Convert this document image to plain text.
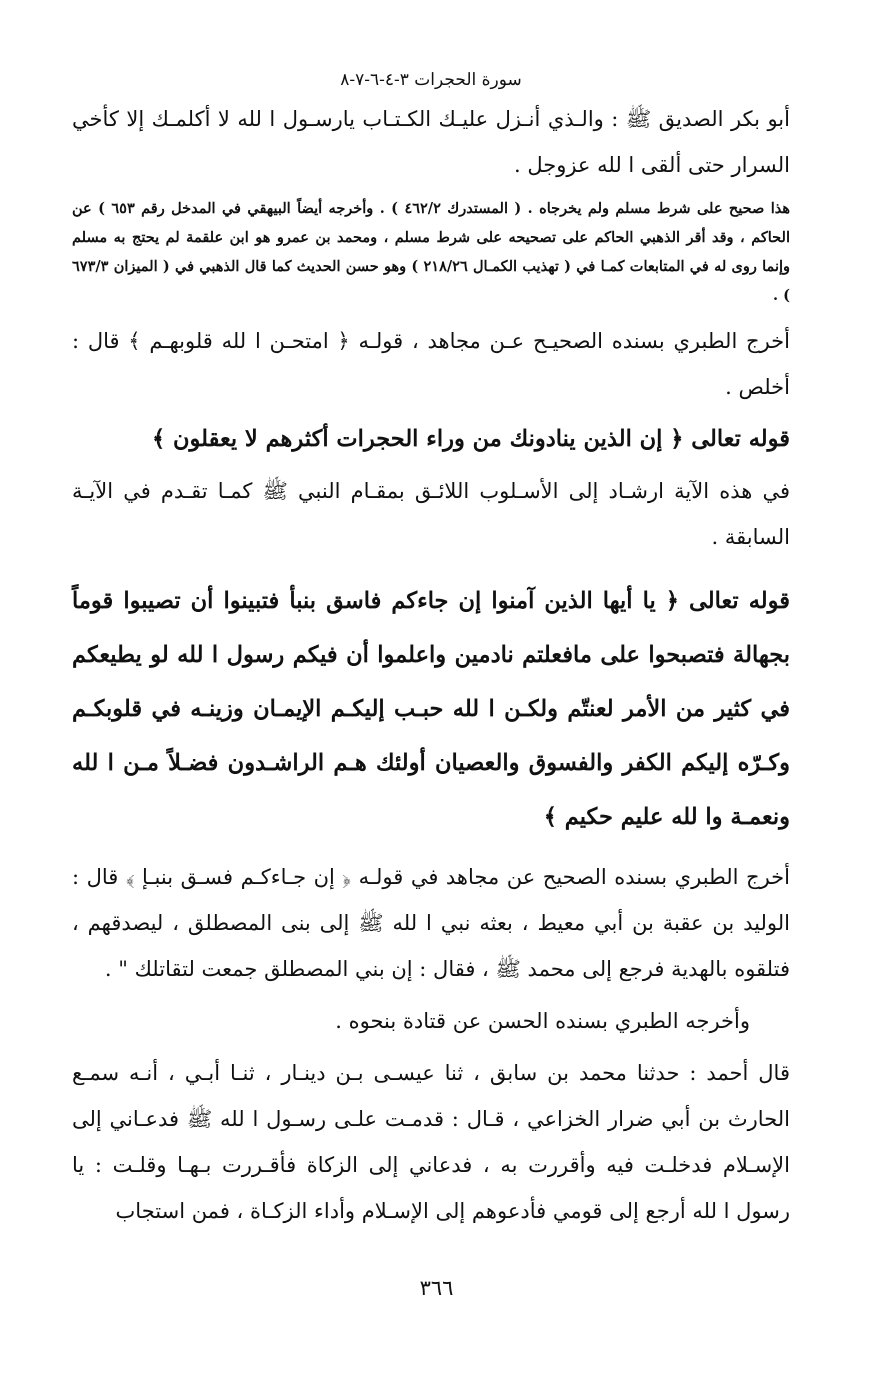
سورة الحجرات ٣-٤-٦-٧-٨

أبو بكر الصديق ﷺ : والـذي أنـزل عليـك الكـتـاب يارسـول ا لله لا أكلمـك إلا كأخي السرار حتى ألقى ا لله عزوجل .

هذا صحيح على شرط مسلم ولم يخرجاه . ( المستدرك ٤٦٢/٢ ) . وأخرجه أيضاً البيهقي في المدخل رقم ٦٥٣ ) عن الحاكم ، وقد أقر الذهبي الحاكم على تصحيحه على شرط مسلم ، ومحمد بن عمرو هو ابن علقمة لم يحتج به مسلم وإنما روى له في المتابعات كمـا في ( تهذيب الكمـال ٢١٨/٢٦ ) وهو حسن الحديث كما قال الذهبي في ( الميزان ٦٧٣/٣ ) .

أخرج الطبري بسنده الصحيـح عـن مجاهد ، قولـه ﴿ امتحـن ا لله قلوبهـم ﴾ قال : أخلص .

قوله تعالى ﴿ إن الذين ينادونك من وراء الحجرات أكثرهم لا يعقلون ﴾

في هذه الآية ارشـاد إلى الأسـلوب اللائـق بمقـام النبي ﷺ كمـا تقـدم في الآيـة السابقة .

قوله تعالى ﴿ يا أيها الذين آمنوا إن جاءكم فاسق بنبأ فتبينوا أن تصيبوا قوماً بجهالة فتصبحوا على مافعلتم نادمين واعلموا أن فيكم رسول ا لله لو يطيعكم في كثير من الأمر لعنتّم ولكـن ا لله حبـب إليكـم الإيمـان وزينـه في قلوبكـم وكـرّه إليكم الكفر والفسوق والعصيان أولئك هـم الراشـدون فضـلاً مـن ا لله ونعمـة وا لله عليم حكيم ﴾

أخرج الطبري بسنده الصحيح عن مجاهد في قولـه ﴿ إن جـاءكـم فسـق بنبـإ ﴾ قال : الوليد بن عقبة بن أبي معيط ، بعثه نبي ا لله ﷺ إلى بنى المصطلق ، ليصدقهم ، فتلقوه بالهدية فرجع إلى محمد ﷺ ، فقال : إن بني المصطلق جمعت لتقاتلك " .

وأخرجه الطبري بسنده الحسن عن قتادة بنحوه .

قال أحمد : حدثنا محمد بن سابق ، ثنا عيسـى بـن دينـار ، ثنـا أبـي ، أنـه سمـع الحارث بن أبي ضرار الخزاعي ، قـال : قدمـت علـى رسـول ا لله ﷺ فدعـاني إلى الإسـلام فدخلـت فيه وأقررت به ، فدعاني إلى الزكاة فأقـررت بـهـا وقلـت : يا رسول ا لله أرجع إلى قومي فأدعوهم إلى الإسـلام وأداء الزكـاة ، فمن استجاب

٣٦٦
